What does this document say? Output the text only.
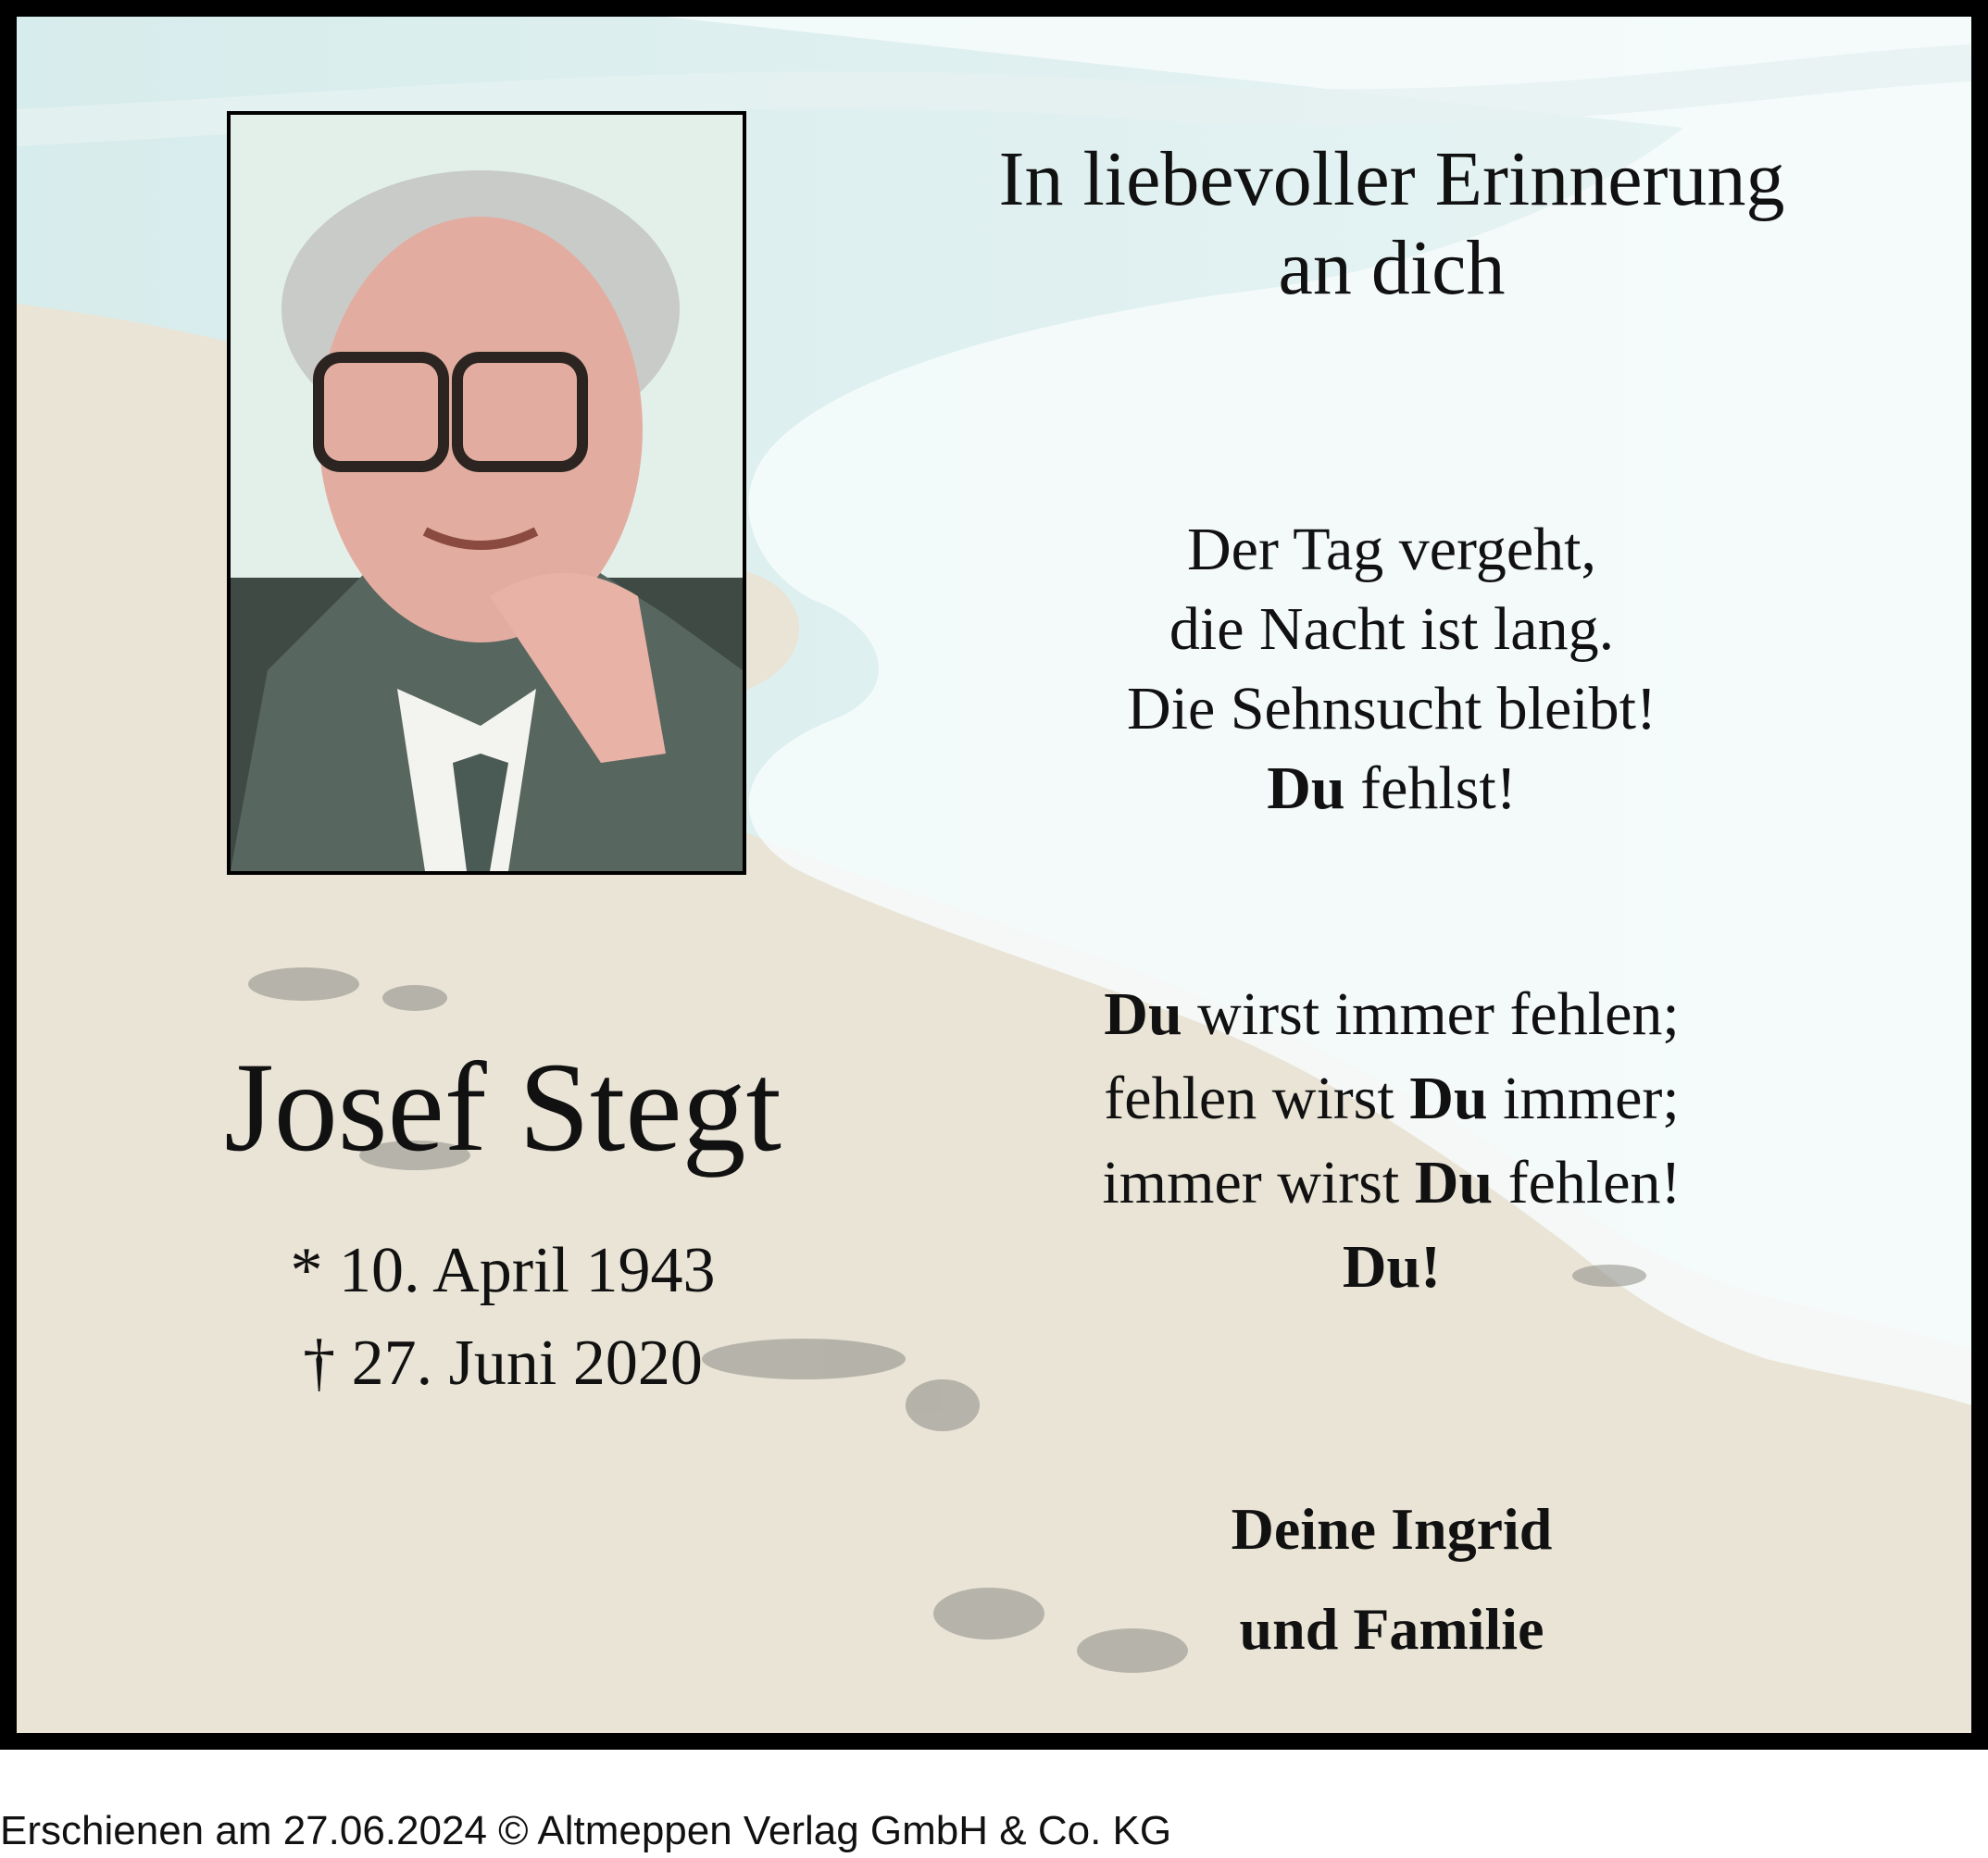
In liebevoller Erinnerung
an dich
Der Tag vergeht,
die Nacht ist lang.
Die Sehnsucht bleibt!
Du fehlst!
Du wirst immer fehlen;
fehlen wirst Du immer;
immer wirst Du fehlen!
Du!
Josef Stegt
* 10. April 1943
† 27. Juni 2020
Deine Ingrid
und Familie
Erschienen am 27.06.2024 © Altmeppen Verlag GmbH & Co. KG
